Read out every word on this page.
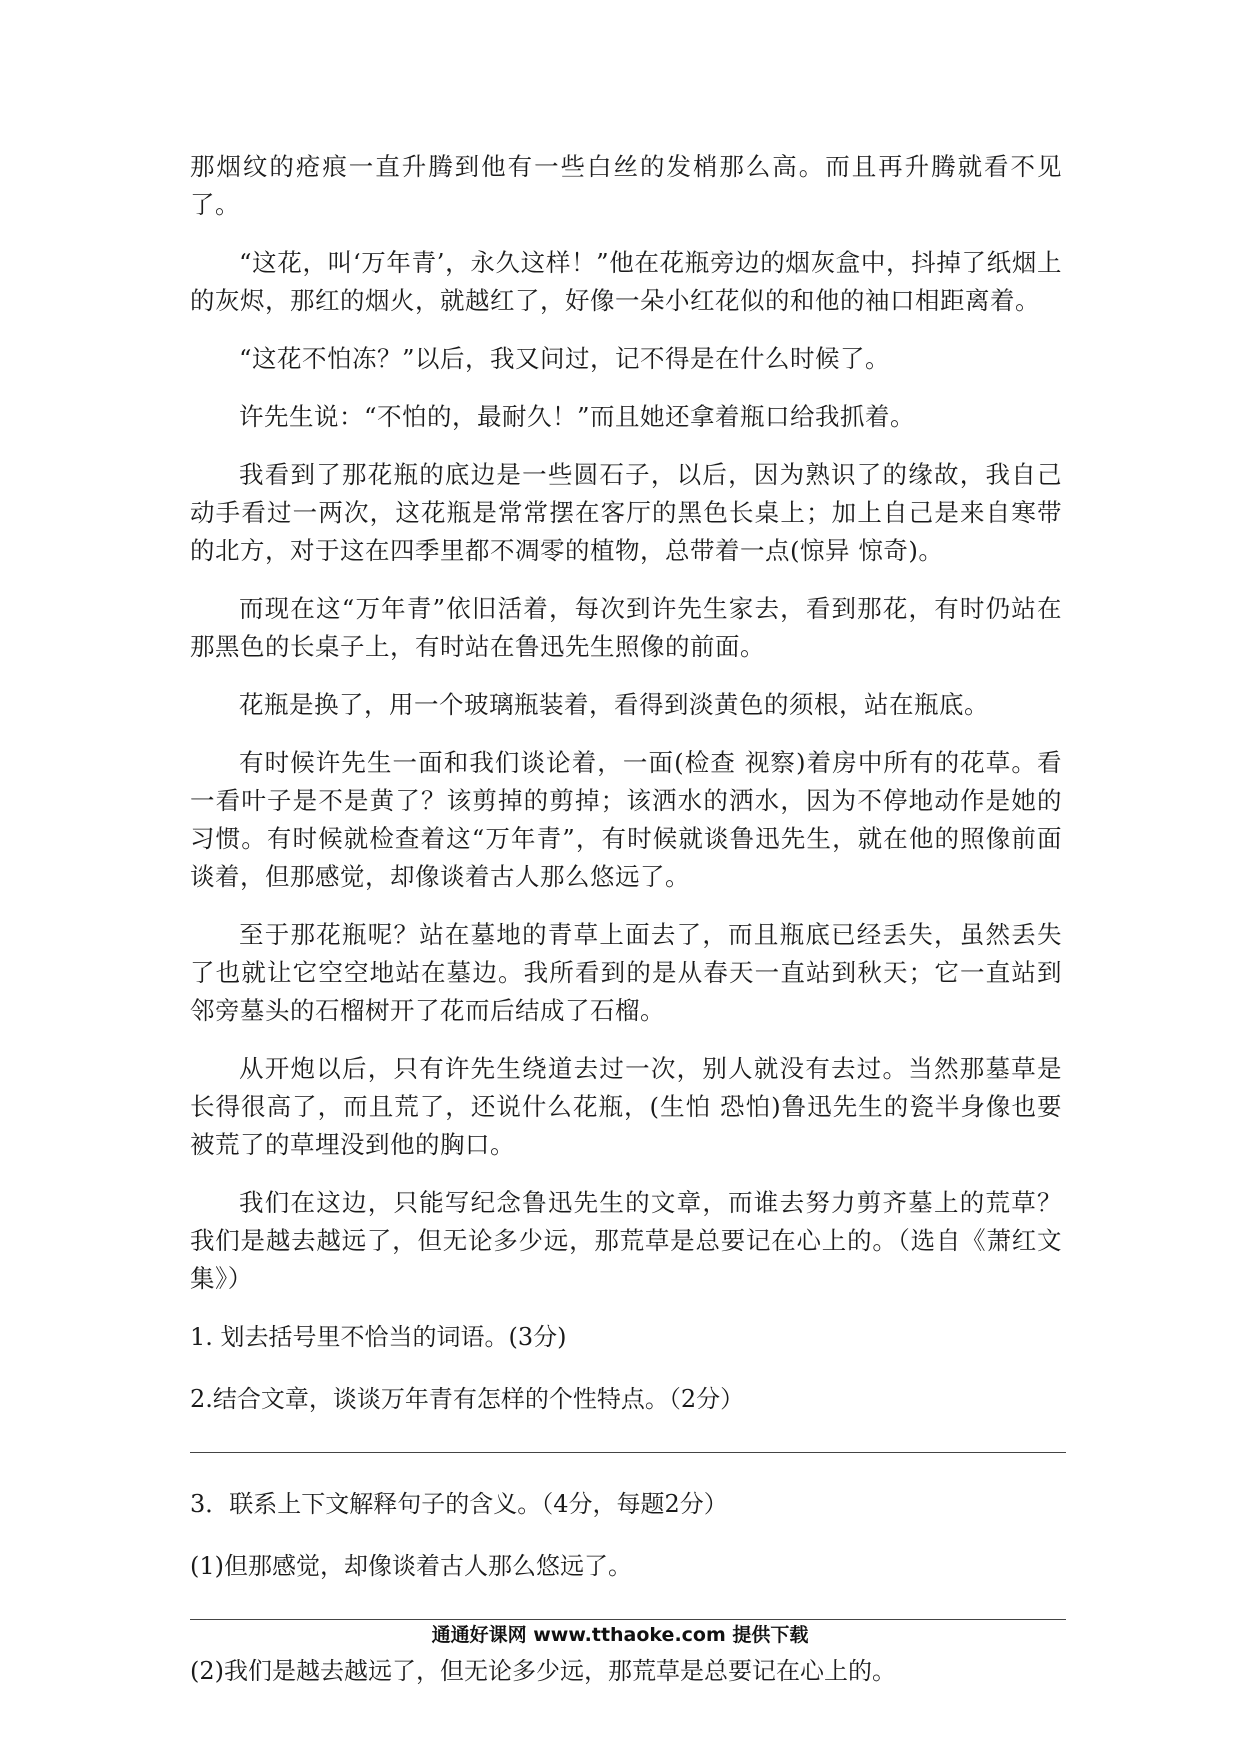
那烟纹的疮痕一直升腾到他有一些白丝的发梢那么高。而且再升腾就看不见了。

“这花，叫‘万年青’，永久这样！”他在花瓶旁边的烟灰盒中，抖掉了纸烟上的灰烬，那红的烟火，就越红了，好像一朵小红花似的和他的袖口相距离着。

“这花不怕冻？”以后，我又问过，记不得是在什么时候了。

许先生说：“不怕的，最耐久！”而且她还拿着瓶口给我抓着。

我看到了那花瓶的底边是一些圆石子，以后，因为熟识了的缘故，我自己动手看过一两次，这花瓶是常常摆在客厅的黑色长桌上；加上自己是来自寒带的北方，对于这在四季里都不凋零的植物，总带着一点(惊异 惊奇)。

而现在这“万年青”依旧活着，每次到许先生家去，看到那花，有时仍站在那黑色的长桌子上，有时站在鲁迅先生照像的前面。

花瓶是换了，用一个玻璃瓶装着，看得到淡黄色的须根，站在瓶底。

有时候许先生一面和我们谈论着，一面(检查 视察)着房中所有的花草。看一看叶子是不是黄了？该剪掉的剪掉；该洒水的洒水，因为不停地动作是她的习惯。有时候就检查着这“万年青”，有时候就谈鲁迅先生，就在他的照像前面谈着，但那感觉，却像谈着古人那么悠远了。

至于那花瓶呢？站在墓地的青草上面去了，而且瓶底已经丢失，虽然丢失了也就让它空空地站在墓边。我所看到的是从春天一直站到秋天；它一直站到邻旁墓头的石榴树开了花而后结成了石榴。

从开炮以后，只有许先生绕道去过一次，别人就没有去过。当然那墓草是长得很高了，而且荒了，还说什么花瓶，(生怕 恐怕)鲁迅先生的瓷半身像也要被荒了的草埋没到他的胸口。

我们在这边，只能写纪念鲁迅先生的文章，而谁去努力剪齐墓上的荒草？我们是越去越远了，但无论多少远，那荒草是总要记在心上的。（选自《萧红文集》）

1. 划去括号里不恰当的词语。(3分)

2.结合文章，谈谈万年青有怎样的个性特点。（2分）

3．联系上下文解释句子的含义。（4分，每题2分）

(1)但那感觉，却像谈着古人那么悠远了。

(2)我们是越去越远了，但无论多少远，那荒草是总要记在心上的。

通通好课网 www.tthaoke.com 提供下载
